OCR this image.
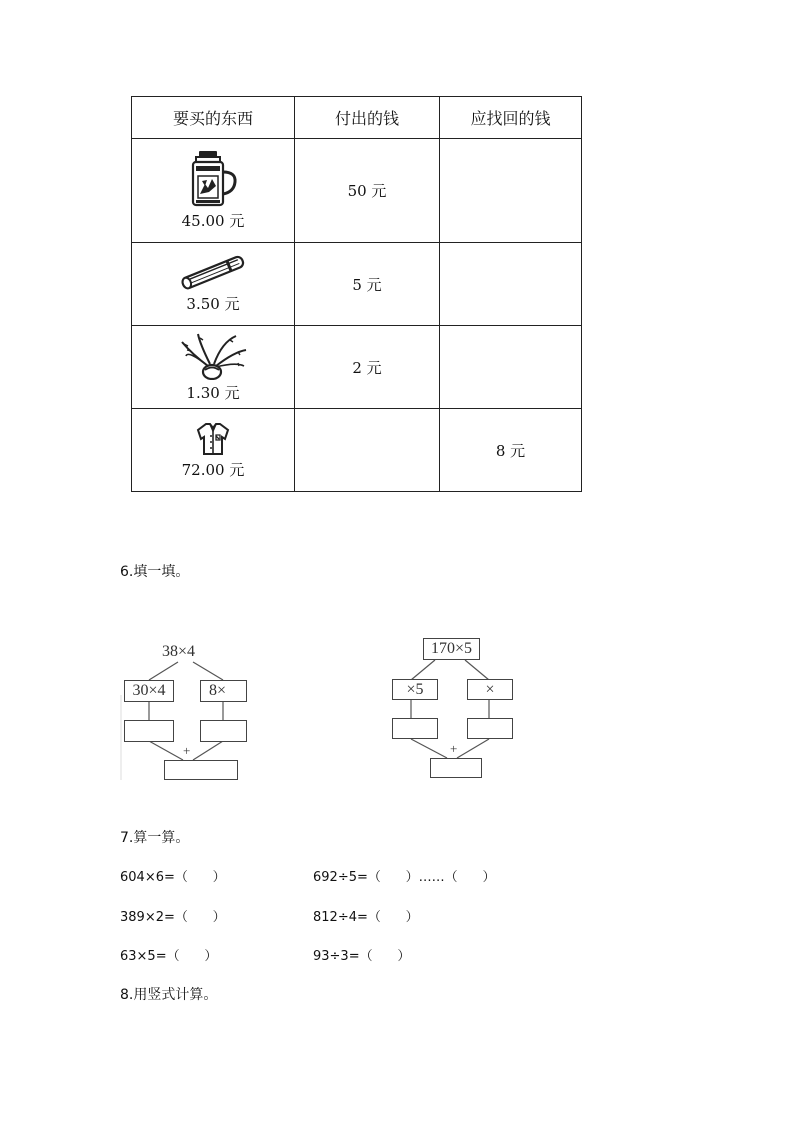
要买的东西	付出的钱	应找回的钱

45.00 元	50 元	

3.50 元	5 元	

1.30 元	2 元	

72.00 元		8 元
6.填一填。
38×4
30×4	8×
+
170×5
×5	×
+
7.算一算。
604×6=（      ）	692÷5=（      ）……（      ）
389×2=（      ）	812÷4=（      ）
63×5=（      ）	93÷3=（      ）
8.用竖式计算。
